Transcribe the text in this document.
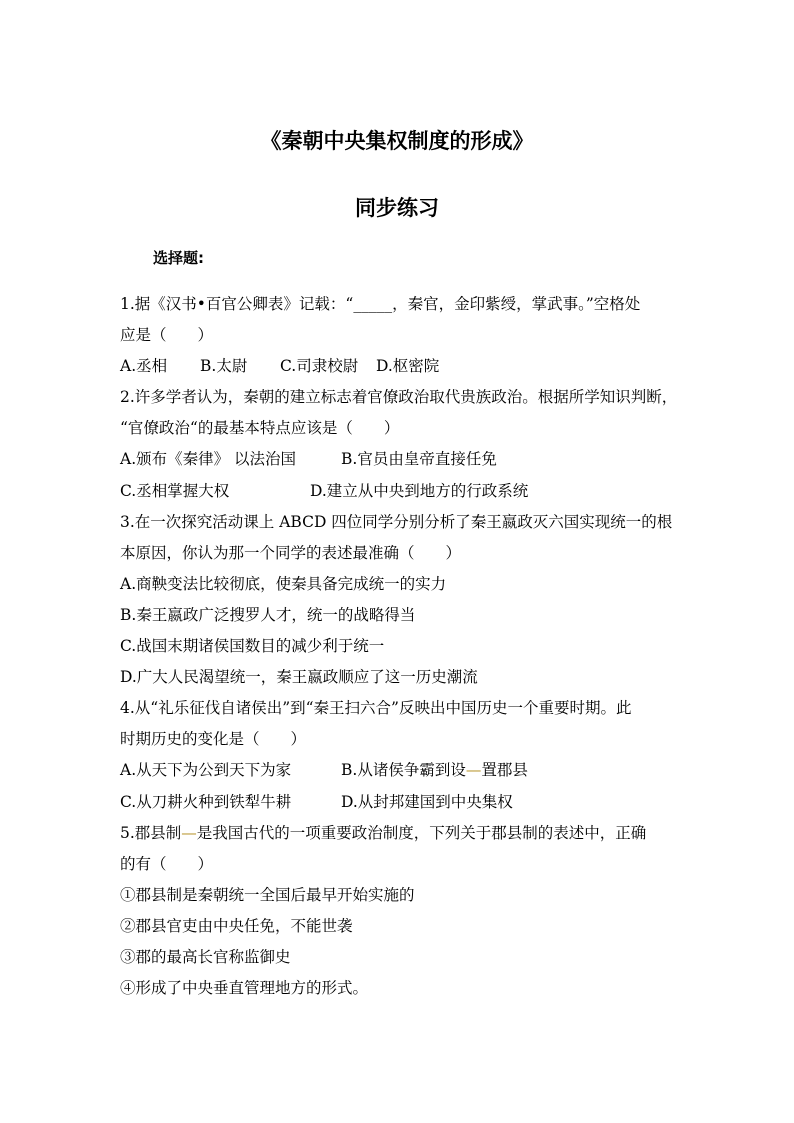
《秦朝中央集权制度的形成》
同步练习
选择题:
1.据《汉书•百官公卿表》记载：“_____，秦官，金印紫绶，掌武事。”空格处
应是（　　）
A.丞相 B.太尉 C.司隶校尉 D.枢密院
2.许多学者认为，秦朝的建立标志着官僚政治取代贵族政治。根据所学知识判断，
“官僚政治“的最基本特点应该是（　　）
A.颁布《秦律》 以法治国	B.官员由皇帝直接任免
C.丞相掌握大权	D.建立从中央到地方的行政系统
3.在一次探究活动课上 ABCD 四位同学分别分析了秦王嬴政灭六国实现统一的根
本原因，你认为那一个同学的表述最准确（　　）
A.商鞅变法比较彻底，使秦具备完成统一的实力
B.秦王嬴政广泛搜罗人才，统一的战略得当
C.战国末期诸侯国数目的减少利于统一
D.广大人民渴望统一，秦王嬴政顺应了这一历史潮流
4.从“礼乐征伐自诸侯出”到“秦王扫六合”反映出中国历史一个重要时期。此
时期历史的变化是（　　）
A.从天下为公到天下为家	B.从诸侯争霸到设—置郡县
C.从刀耕火种到铁犁牛耕	D.从封邦建国到中央集权
5.郡县制—是我国古代的一项重要政治制度，下列关于郡县制的表述中，正确
的有（　　）
①郡县制是秦朝统一全国后最早开始实施的
②郡县官吏由中央任免，不能世袭
③郡的最高长官称监御史
④形成了中央垂直管理地方的形式。
